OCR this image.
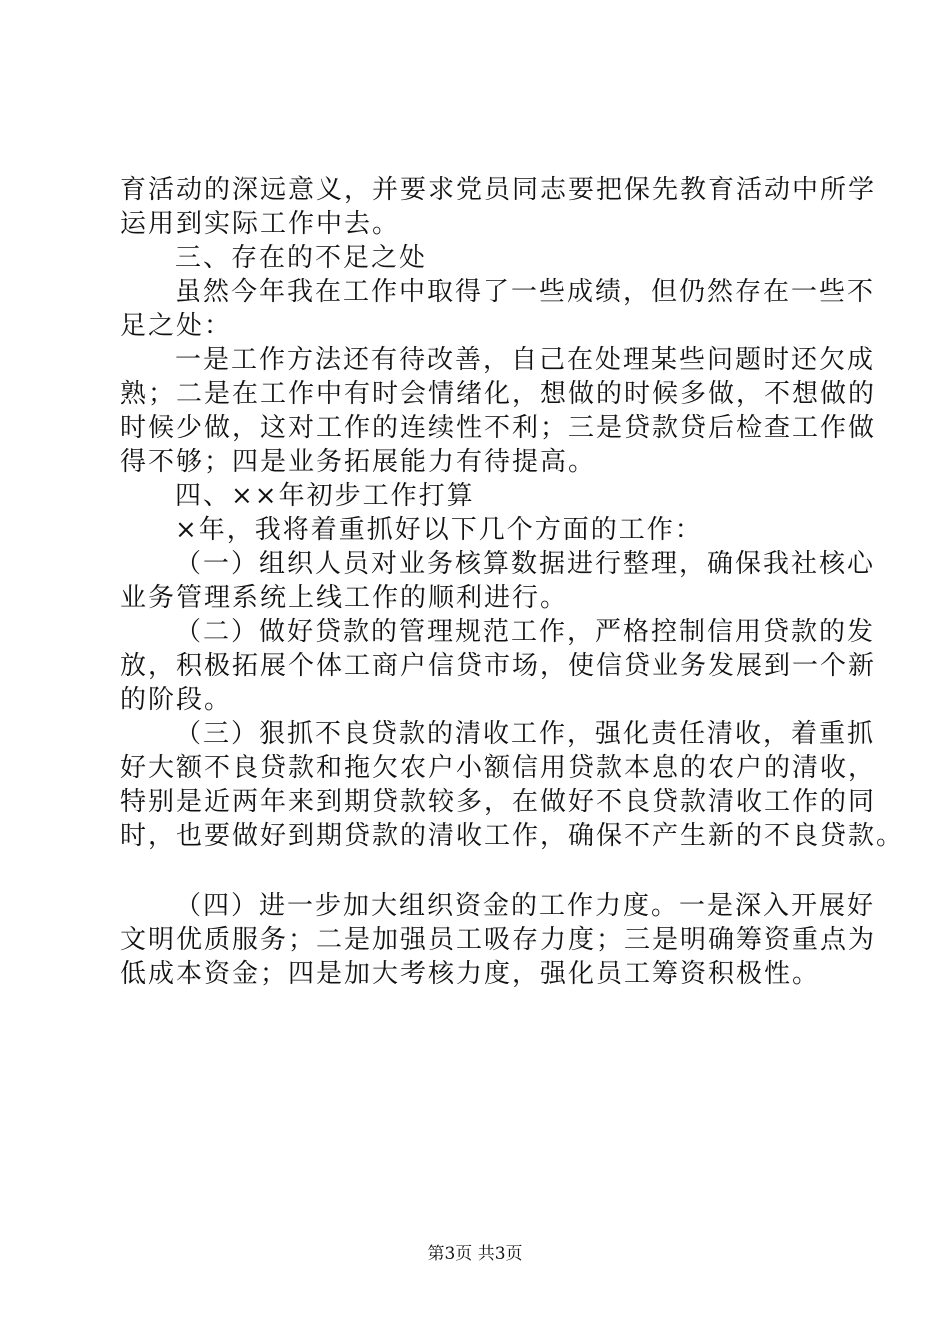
育活动的深远意义，并要求党员同志要把保先教育活动中所学
运用到实际工作中去。
三、存在的不足之处
虽然今年我在工作中取得了一些成绩，但仍然存在一些不
足之处：
一是工作方法还有待改善，自己在处理某些问题时还欠成
熟；二是在工作中有时会情绪化，想做的时候多做，不想做的
时候少做，这对工作的连续性不利；三是贷款贷后检查工作做
得不够；四是业务拓展能力有待提高。
四、××年初步工作打算
×年，我将着重抓好以下几个方面的工作：
（一）组织人员对业务核算数据进行整理，确保我社核心
业务管理系统上线工作的顺利进行。
（二）做好贷款的管理规范工作，严格控制信用贷款的发
放，积极拓展个体工商户信贷市场，使信贷业务发展到一个新
的阶段。
（三）狠抓不良贷款的清收工作，强化责任清收，着重抓
好大额不良贷款和拖欠农户小额信用贷款本息的农户的清收，
特别是近两年来到期贷款较多，在做好不良贷款清收工作的同
时，也要做好到期贷款的清收工作，确保不产生新的不良贷款。
（四）进一步加大组织资金的工作力度。一是深入开展好
文明优质服务；二是加强员工吸存力度；三是明确筹资重点为
低成本资金；四是加大考核力度，强化员工筹资积极性。
第3页 共3页
